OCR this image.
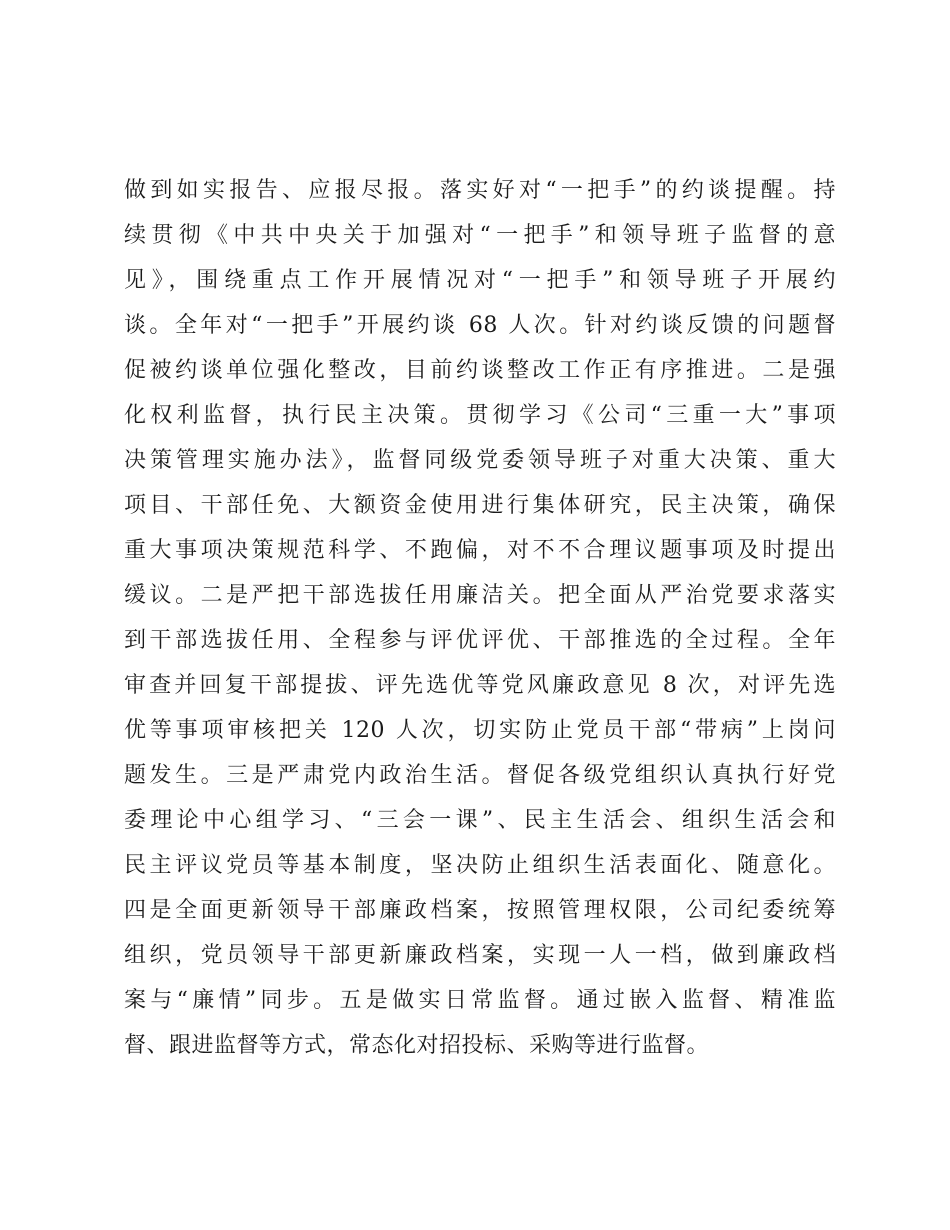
做到如实报告、应报尽报。落实好对“一把手”的约谈提醒。持
续贯彻《中共中央关于加强对“一把手”和领导班子监督的意
见》，围绕重点工作开展情况对“一把手”和领导班子开展约
谈。全年对“一把手”开展约谈 68 人次。针对约谈反馈的问题督
促被约谈单位强化整改，目前约谈整改工作正有序推进。二是强
化权利监督，执行民主决策。贯彻学习《公司“三重一大”事项
决策管理实施办法》，监督同级党委领导班子对重大决策、重大
项目、干部任免、大额资金使用进行集体研究，民主决策，确保
重大事项决策规范科学、不跑偏，对不不合理议题事项及时提出
缓议。二是严把干部选拔任用廉洁关。把全面从严治党要求落实
到干部选拔任用、全程参与评优评优、干部推选的全过程。全年
审查并回复干部提拔、评先选优等党风廉政意见 8 次，对评先选
优等事项审核把关 120 人次，切实防止党员干部“带病”上岗问
题发生。三是严肃党内政治生活。督促各级党组织认真执行好党
委理论中心组学习、“三会一课”、民主生活会、组织生活会和
民主评议党员等基本制度，坚决防止组织生活表面化、随意化。
四是全面更新领导干部廉政档案，按照管理权限，公司纪委统筹
组织，党员领导干部更新廉政档案，实现一人一档，做到廉政档
案与“廉情”同步。五是做实日常监督。通过嵌入监督、精准监
督、跟进监督等方式，常态化对招投标、采购等进行监督。
